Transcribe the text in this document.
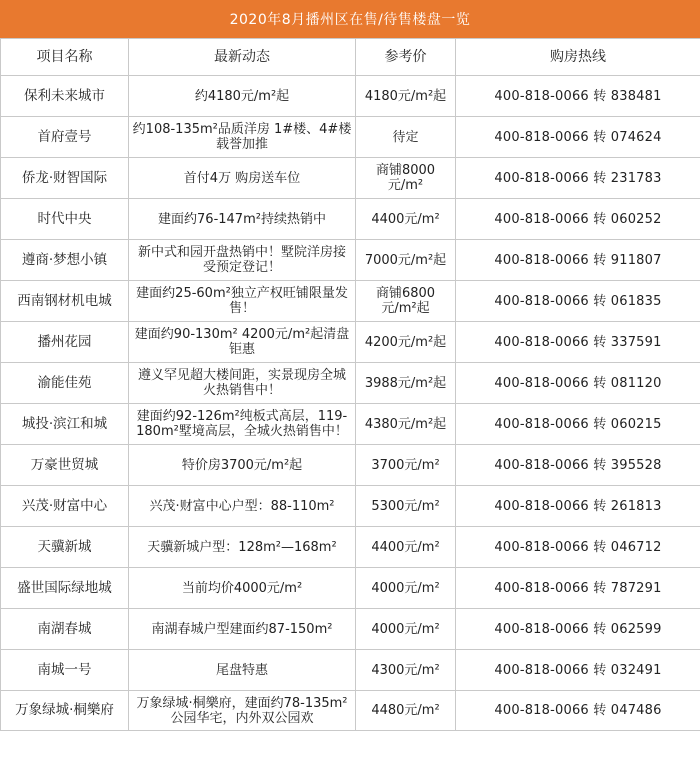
2020年8月播州区在售/待售楼盘一览
项目名称	最新动态	参考价	购房热线
保利未来城市	约4180元/m²起	4180元/m²起	400-818-0066 转 838481
首府壹号	约108-135m²品质洋房 1#楼、4#楼载誉加推	待定	400-818-0066 转 074624
侨龙·财智国际	首付4万 购房送车位	商铺8000元/m²	400-818-0066 转 231783
时代中央	建面约76-147m²持续热销中	4400元/m²	400-818-0066 转 060252
遵商·梦想小镇	新中式和园开盘热销中！墅院洋房接受预定登记！	7000元/m²起	400-818-0066 转 911807
西南钢材机电城	建面约25-60m²独立产权旺铺限量发售！	商铺6800元/m²起	400-818-0066 转 061835
播州花园	建面约90-130m² 4200元/m²起清盘钜惠	4200元/m²起	400-818-0066 转 337591
渝能佳苑	遵义罕见超大楼间距，实景现房全城火热销售中！	3988元/m²起	400-818-0066 转 081120
城投·滨江和城	建面约92-126m²纯板式高层，119-180m²墅境高层，全城火热销售中！	4380元/m²起	400-818-0066 转 060215
万豪世贸城	特价房3700元/m²起	3700元/m²	400-818-0066 转 395528
兴茂·财富中心	兴茂·财富中心户型：88-110m²	5300元/m²	400-818-0066 转 261813
天骥新城	天骥新城户型：128m²—168m²	4400元/m²	400-818-0066 转 046712
盛世国际绿地城	当前均价4000元/m²	4000元/m²	400-818-0066 转 787291
南湖春城	南湖春城户型建面约87-150m²	4000元/m²	400-818-0066 转 062599
南城一号	尾盘特惠	4300元/m²	400-818-0066 转 032491
万象绿城·桐樂府	万象绿城·桐樂府，建面约78-135m²公园华宅，内外双公园欢	4480元/m²	400-818-0066 转 047486
